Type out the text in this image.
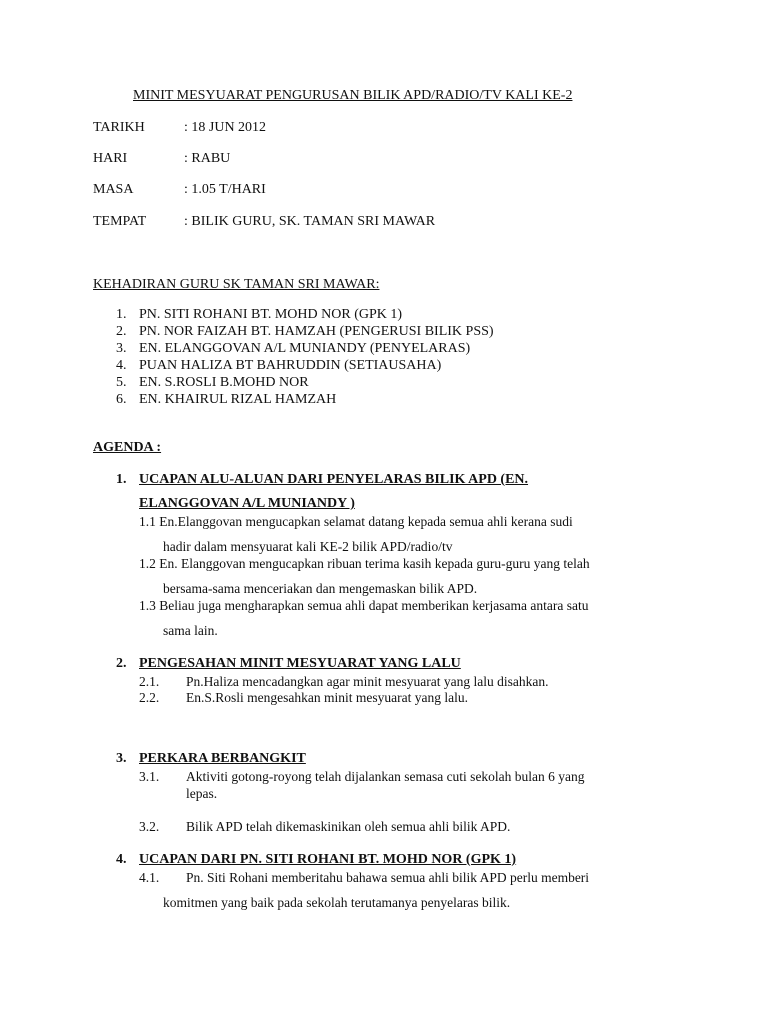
MINIT MESYUARAT PENGURUSAN BILIK APD/RADIO/TV KALI KE-2
TARIKH	: 18 JUN 2012
HARI	: RABU
MASA	: 1.05 T/HARI
TEMPAT	: BILIK GURU, SK. TAMAN SRI MAWAR
KEHADIRAN GURU SK TAMAN SRI MAWAR:
1. PN. SITI ROHANI BT. MOHD NOR (GPK 1)
2. PN. NOR FAIZAH BT. HAMZAH (PENGERUSI BILIK PSS)
3. EN. ELANGGOVAN A/L MUNIANDY (PENYELARAS)
4. PUAN HALIZA BT BAHRUDDIN (SETIAUSAHA)
5. EN. S.ROSLI B.MOHD NOR
6. EN. KHAIRUL RIZAL HAMZAH
AGENDA :
1. UCAPAN ALU-ALUAN DARI PENYELARAS BILIK APD (EN.
ELANGGOVAN A/L MUNIANDY )
1.1 En.Elanggovan mengucapkan selamat datang kepada semua ahli kerana sudi
hadir dalam mensyuarat kali KE-2 bilik APD/radio/tv
1.2 En. Elanggovan mengucapkan ribuan terima kasih kepada guru-guru yang telah
bersama-sama menceriakan dan mengemaskan bilik APD.
1.3 Beliau juga mengharapkan semua ahli dapat memberikan kerjasama antara satu
sama lain.
2. PENGESAHAN MINIT MESYUARAT YANG LALU
2.1. Pn.Haliza mencadangkan agar minit mesyuarat yang lalu disahkan.
2.2. En.S.Rosli mengesahkan minit mesyuarat yang lalu.
3. PERKARA BERBANGKIT
3.1. Aktiviti gotong-royong telah dijalankan semasa cuti sekolah bulan 6 yang
lepas.
3.2. Bilik APD telah dikemaskinikan oleh semua ahli bilik APD.
4. UCAPAN DARI PN. SITI ROHANI BT. MOHD NOR (GPK 1)
4.1. Pn. Siti Rohani memberitahu bahawa semua ahli bilik APD perlu memberi
komitmen yang baik pada sekolah terutamanya penyelaras bilik.
